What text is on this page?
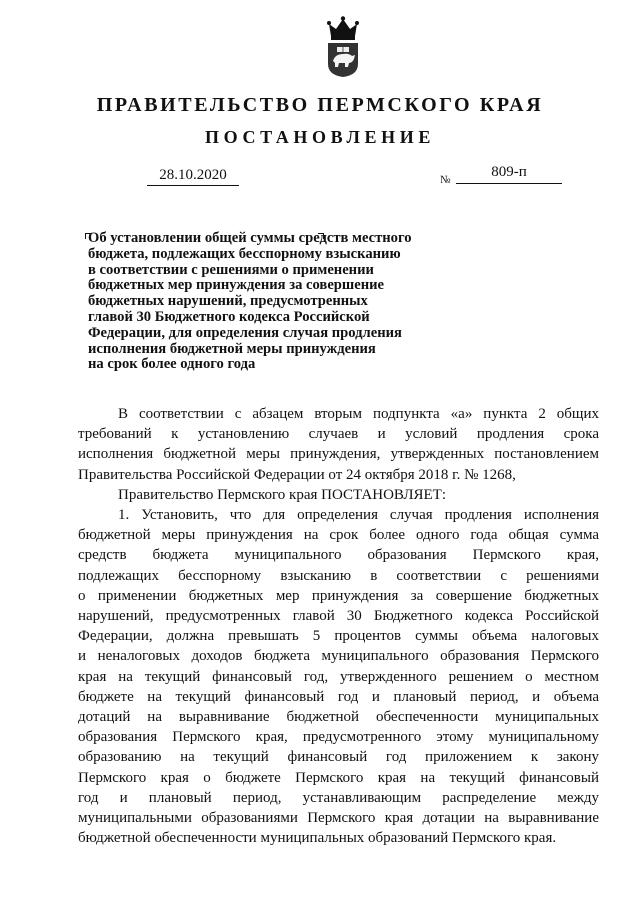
ПРАВИТЕЛЬСТВО ПЕРМСКОГО КРАЯ
ПОСТАНОВЛЕНИЕ
28.10.2020	№	809-п
Об установлении общей суммы средств местного
бюджета, подлежащих бесспорному взысканию
в соответствии с решениями о применении
бюджетных мер принуждения за совершение
бюджетных нарушений, предусмотренных
главой 30 Бюджетного кодекса Российской
Федерации, для определения случая продления
исполнения бюджетной меры принуждения
на срок более одного года
В соответствии с абзацем вторым подпункта «а» пункта 2 общих
требований к установлению случаев и условий продления срока
исполнения бюджетной меры принуждения, утвержденных постановлением
Правительства Российской Федерации от 24 октября 2018 г. № 1268,
Правительство Пермского края ПОСТАНОВЛЯЕТ:
1. Установить, что для определения случая продления исполнения
бюджетной меры принуждения на срок более одного года общая сумма
средств бюджета муниципального образования Пермского края,
подлежащих бесспорному взысканию в соответствии с решениями
о применении бюджетных мер принуждения за совершение бюджетных
нарушений, предусмотренных главой 30 Бюджетного кодекса Российской
Федерации, должна превышать 5 процентов суммы объема налоговых
и неналоговых доходов бюджета муниципального образования Пермского
края на текущий финансовый год, утвержденного решением о местном
бюджете на текущий финансовый год и плановый период, и объема
дотаций на выравнивание бюджетной обеспеченности муниципальных
образования Пермского края, предусмотренного этому муниципальному
образованию на текущий финансовый год приложением к закону
Пермского края о бюджете Пермского края на текущий финансовый
год и плановый период, устанавливающим распределение между
муниципальными образованиями Пермского края дотации на выравнивание
бюджетной обеспеченности муниципальных образований Пермского края.
